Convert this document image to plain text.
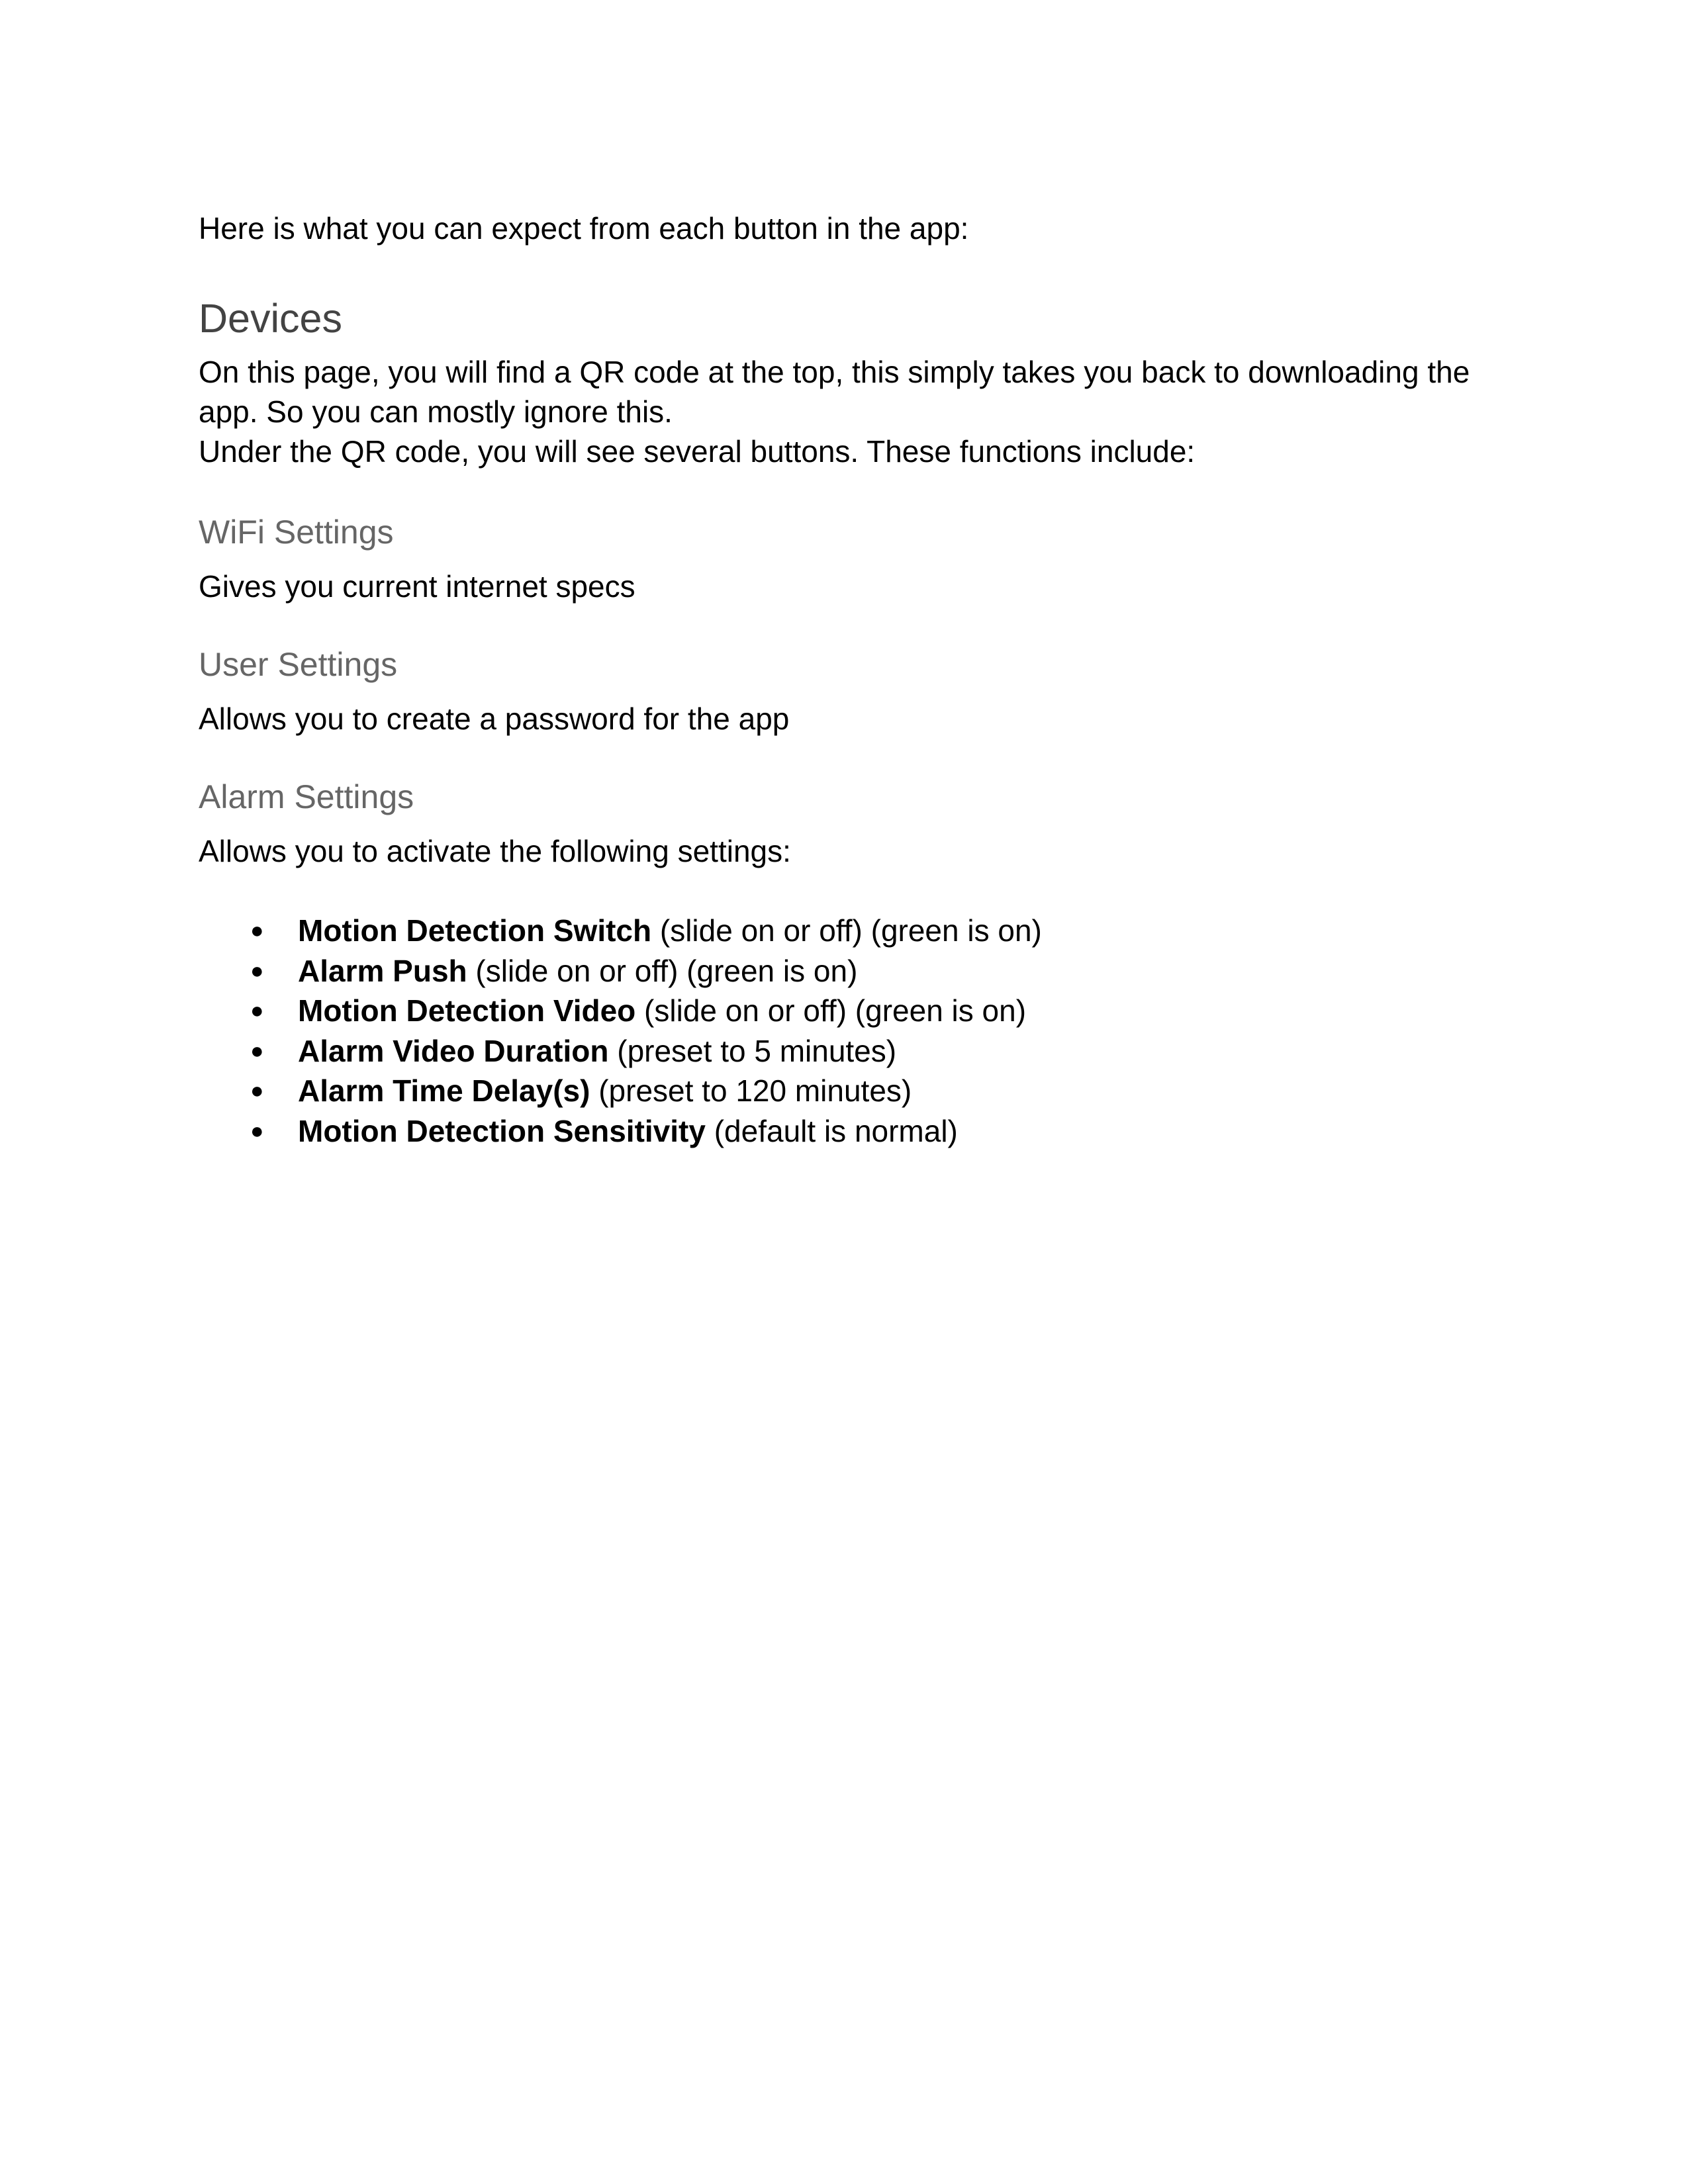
Here is what you can expect from each button in the app:
Devices
On this page, you will find a QR code at the top, this simply takes you back to downloading the
app. So you can mostly ignore this.
Under the QR code, you will see several buttons. These functions include:
WiFi Settings
Gives you current internet specs
User Settings
Allows you to create a password for the app
Alarm Settings
Allows you to activate the following settings:
● Motion Detection Switch (slide on or off) (green is on)
● Alarm Push (slide on or off) (green is on)
● Motion Detection Video (slide on or off) (green is on)
● Alarm Video Duration (preset to 5 minutes)
● Alarm Time Delay(s) (preset to 120 minutes)
● Motion Detection Sensitivity (default is normal)
